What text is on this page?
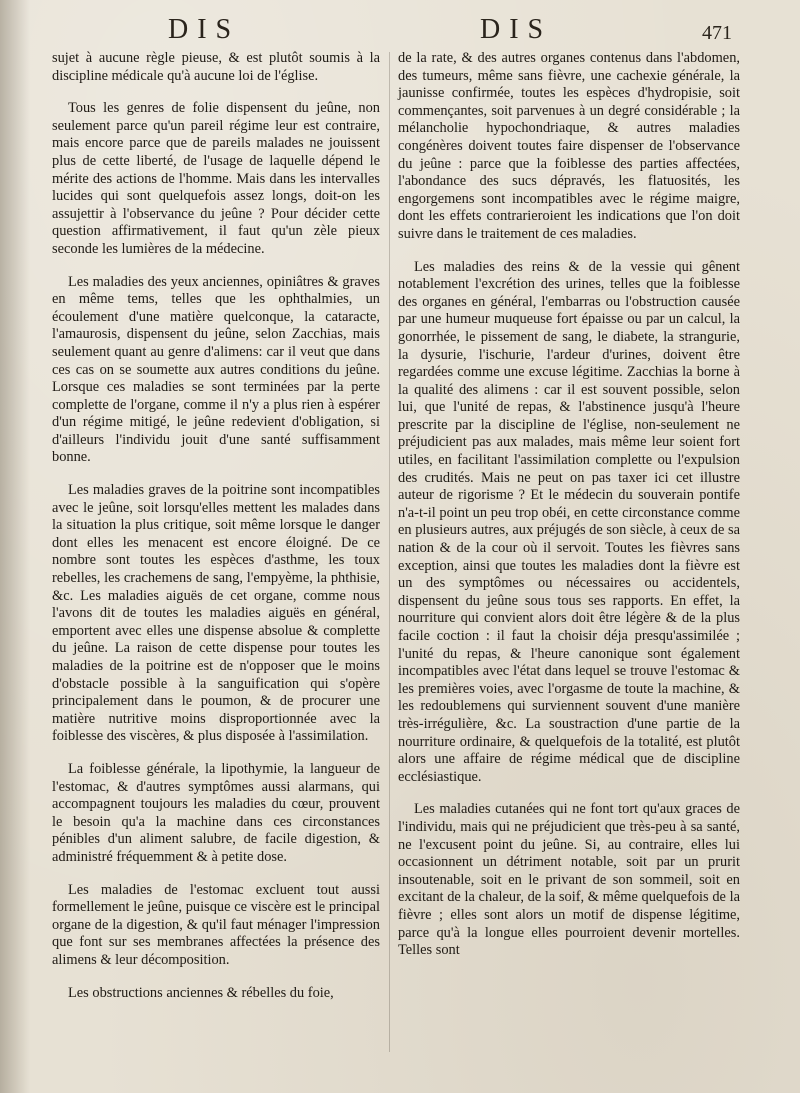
DIS	DIS	471

sujet à aucune règle pieuse, & est plutôt soumis à la discipline médicale qu'à aucune loi de l'église.

Tous les genres de folie dispensent du jeûne, non seulement parce qu'un pareil régime leur est contraire, mais encore parce que de pareils malades ne jouissent plus de cette liberté, de l'usage de laquelle dépend le mérite des actions de l'homme. Mais dans les intervalles lucides qui sont quelquefois assez longs, doit-on les assujettir à l'observance du jeûne ? Pour décider cette question affirmativement, il faut qu'un zèle pieux seconde les lumières de la médecine.

Les maladies des yeux anciennes, opiniâtres & graves en même tems, telles que les ophthalmies, un écoulement d'une matière quelconque, la cataracte, l'amaurosis, dispensent du jeûne, selon Zacchias, mais seulement quant au genre d'alimens: car il veut que dans ces cas on se soumette aux autres conditions du jeûne. Lorsque ces maladies se sont terminées par la perte complette de l'organe, comme il n'y a plus rien à espérer d'un régime mitigé, le jeûne redevient d'obligation, si d'ailleurs l'individu jouit d'une santé suffisamment bonne.

Les maladies graves de la poitrine sont incompatibles avec le jeûne, soit lorsqu'elles mettent les malades dans la situation la plus critique, soit même lorsque le danger dont elles les menacent est encore éloigné. De ce nombre sont toutes les espèces d'asthme, les toux rebelles, les crachemens de sang, l'empyème, la phthisie, &c. Les maladies aiguës de cet organe, comme nous l'avons dit de toutes les maladies aiguës en général, emportent avec elles une dispense absolue & complette du jeûne. La raison de cette dispense pour toutes les maladies de la poitrine est de n'opposer que le moins d'obstacle possible à la sanguification qui s'opère principalement dans le poumon, & de procurer une matière nutritive moins disproportionnée avec la foiblesse des viscères, & plus disposée à l'assimilation.

La foiblesse générale, la lipothymie, la langueur de l'estomac, & d'autres symptômes aussi alarmans, qui accompagnent toujours les maladies du cœur, prouvent le besoin qu'a la machine dans ces circonstances pénibles d'un aliment salubre, de facile digestion, & administré fréquemment & à petite dose.

Les maladies de l'estomac excluent tout aussi formellement le jeûne, puisque ce viscère est le principal organe de la digestion, & qu'il faut ménager l'impression que font sur ses membranes affectées la présence des alimens & leur décomposition.

Les obstructions anciennes & rébelles du foie,

de la rate, & des autres organes contenus dans l'abdomen, des tumeurs, même sans fièvre, une cachexie générale, la jaunisse confirmée, toutes les espèces d'hydropisie, soit commençantes, soit parvenues à un degré considérable ; la mélancholie hypochondriaque, & autres maladies congénères doivent toutes faire dispenser de l'observance du jeûne : parce que la foiblesse des parties affectées, l'abondance des sucs dépravés, les flatuosités, les engorgemens sont incompatibles avec le régime maigre, dont les effets contrarieroient les indications que l'on doit suivre dans le traitement de ces maladies.

Les maladies des reins & de la vessie qui gênent notablement l'excrétion des urines, telles que la foiblesse des organes en général, l'embarras ou l'obstruction causée par une humeur muqueuse fort épaisse ou par un calcul, la gonorrhée, le pissement de sang, le diabete, la strangurie, la dysurie, l'ischurie, l'ardeur d'urines, doivent être regardées comme une excuse légitime. Zacchias la borne à la qualité des alimens : car il est souvent possible, selon lui, que l'unité de repas, & l'abstinence jusqu'à l'heure prescrite par la discipline de l'église, non-seulement ne préjudicient pas aux malades, mais même leur soient fort utiles, en facilitant l'assimilation complette ou l'expulsion des crudités. Mais ne peut on pas taxer ici cet illustre auteur de rigorisme ? Et le médecin du souverain pontife n'a-t-il point un peu trop obéi, en cette circonstance comme en plusieurs autres, aux préjugés de son siècle, à ceux de sa nation & de la cour où il servoit. Toutes les fièvres sans exception, ainsi que toutes les maladies dont la fièvre est un des symptômes ou nécessaires ou accidentels, dispensent du jeûne sous tous ses rapports. En effet, la nourriture qui convient alors doit être légère & de la plus facile coction : il faut la choisir déja presqu'assimilée ; l'unité du repas, & l'heure canonique sont également incompatibles avec l'état dans lequel se trouve l'estomac & les premières voies, avec l'orgasme de toute la machine, & les redoublemens qui surviennent souvent d'une manière très-irrégulière, &c. La soustraction d'une partie de la nourriture ordinaire, & quelquefois de la totalité, est plutôt alors une affaire de régime médical que de discipline ecclésiastique.

Les maladies cutanées qui ne font tort qu'aux graces de l'individu, mais qui ne préjudicient que très-peu à sa santé, ne l'excusent point du jeûne. Si, au contraire, elles lui occasionnent un détriment notable, soit par un prurit insoutenable, soit en le privant de son sommeil, soit en excitant de la chaleur, de la soif, & même quelquefois de la fièvre ; elles sont alors un motif de dispense légitime, parce qu'à la longue elles pourroient devenir mortelles. Telles sont
